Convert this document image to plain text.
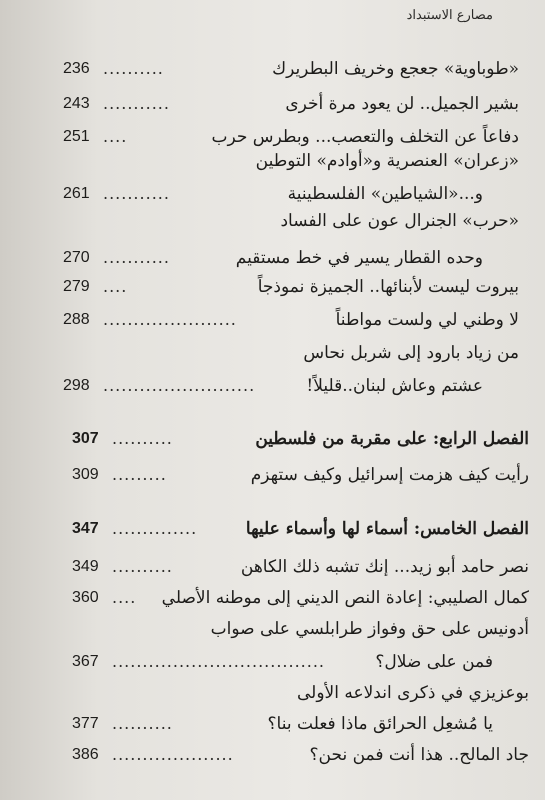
مصارع الاستبداد
236 ..........	«طوباوية» جعجع وخريف البطريرك
243 ...........	بشير الجميل.. لن يعود مرة أخرى
251 ....	دفاعاً عن التخلف والتعصب... وبطرس حرب
«زعران» العنصرية و«أوادم» التوطين
261 ...........	و...«الشياطين» الفلسطينية
«حرب» الجنرال عون على الفساد
270 ...........	وحده القطار يسير في خط مستقيم
279 ....	بيروت ليست لأبنائها.. الجميزة نموذجاً
288 ......................	لا وطني لي ولست مواطناً
من زياد بارود إلى شربل نحاس
298 .........................	عشتم وعاش لبنان..قليلاً!
307 ..........	الفصل الرابع: على مقربة من فلسطين
309 .........	رأيت كيف هزمت إسرائيل وكيف ستهزم
347 ..............	الفصل الخامس: أسماء لها وأسماء عليها
349 ..........	نصر حامد أبو زيد... إنك تشبه ذلك الكاهن
360 .... كمال الصليبي: إعادة النص الديني إلى موطنه الأصلي
أدونيس على حق وفواز طرابلسي على صواب
367 ...................................	فمن على ضلال؟
بوعزيزي في ذكرى اندلاعه الأولى
377 ..........	يا مُشعِل الحرائق ماذا فعلت بنا؟
386 ....................	جاد المالح.. هذا أنت فمن نحن؟
